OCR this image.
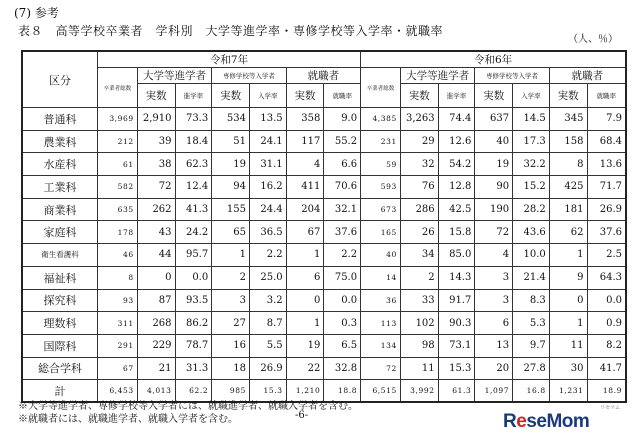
(7) 参考
表８　高等学校卒業者　学科別　大学等進学率・専修学校等入学率・就職率
（人、％）
区分	令和7年							令和6年						
	卒業者総数	大学等進学者		専修学校等入学者		就職者		卒業者総数	大学等進学者		専修学校等入学者		就職者	
		実数	進学率	実数	入学率	実数	就職率		実数	進学率	実数	入学率	実数	就職率
普通科	3,969	2,910	73.3	534	13.5	358	9.0	4,385	3,263	74.4	637	14.5	345	7.9
農業科	212	39	18.4	51	24.1	117	55.2	231	29	12.6	40	17.3	158	68.4
水産科	61	38	62.3	19	31.1	4	6.6	59	32	54.2	19	32.2	8	13.6
工業科	582	72	12.4	94	16.2	411	70.6	593	76	12.8	90	15.2	425	71.7
商業科	635	262	41.3	155	24.4	204	32.1	673	286	42.5	190	28.2	181	26.9
家庭科	178	43	24.2	65	36.5	67	37.6	165	26	15.8	72	43.6	62	37.6
衛生看護科	46	44	95.7	1	2.2	1	2.2	40	34	85.0	4	10.0	1	2.5
福祉科	8	0	0.0	2	25.0	6	75.0	14	2	14.3	3	21.4	9	64.3
探究科	93	87	93.5	3	3.2	0	0.0	36	33	91.7	3	8.3	0	0.0
理数科	311	268	86.2	27	8.7	1	0.3	113	102	90.3	6	5.3	1	0.9
国際科	291	229	78.7	16	5.5	19	6.5	134	98	73.1	13	9.7	11	8.2
総合学科	67	21	31.3	18	26.9	22	32.8	72	11	15.3	20	27.8	30	41.7
計	6,453	4,013	62.2	985	15.3	1,210	18.8	6,515	3,992	61.3	1,097	16.8	1,231	18.9
※大学等進学者、専修学校等入学者には、就職進学者、就職入学者を含む。
※就職者には、就職進学者、就職入学者を含む。	-6-	ReseMom
リセマム
